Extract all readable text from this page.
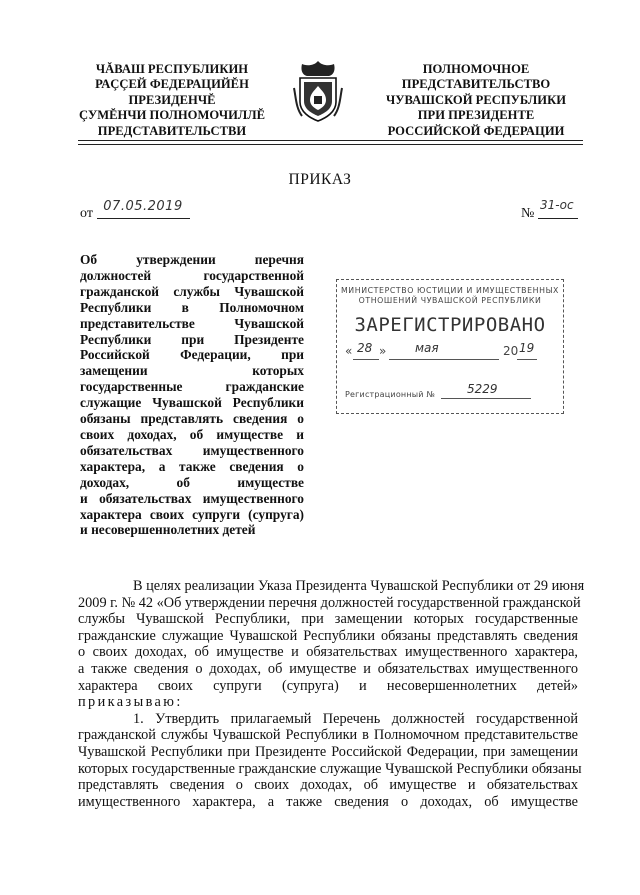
ЧĂВАШ РЕСПУБЛИКИН
РАÇÇЕЙ ФЕДЕРАЦИЙĔН
ПРЕЗИДЕНЧĔ
ÇУМĔНЧИ ПОЛНОМОЧИЛЛĔ
ПРЕДСТАВИТЕЛЬСТВИ
ПОЛНОМОЧНОЕ
ПРЕДСТАВИТЕЛЬСТВО
ЧУВАШСКОЙ РЕСПУБЛИКИ
ПРИ ПРЕЗИДЕНТЕ
РОССИЙСКОЙ ФЕДЕРАЦИИ
ПРИКАЗ
от 07.05.2019	№
31-ос
Об утверждении перечня
должностей государственной
гражданской службы Чувашской
Республики в Полномочном
представительстве Чувашской
Республики при Президенте
Российской Федерации, при
замещении которых
государственные гражданские
служащие Чувашской Республики
обязаны представлять сведения о
своих доходах, об имуществе и
обязательствах имущественного
характера, а также сведения о
доходах, об имуществе
и обязательствах имущественного
характера своих супруги (супруга)
и несовершеннолетних детей
МИНИСТЕРСТВО ЮСТИЦИИ И ИМУЩЕСТВЕННЫХ
ОТНОШЕНИЙ ЧУВАШСКОЙ РЕСПУБЛИКИ
ЗАРЕГИСТРИРОВАНО
« 28 » мая	20 19
Регистрационный №	5229
В целях реализации Указа Президента Чувашской Республики от 29 июня
2009 г. № 42 «Об утверждении перечня должностей государственной гражданской
службы Чувашской Республики, при замещении которых государственные
гражданские служащие Чувашской Республики обязаны представлять сведения
о своих доходах, об имуществе и обязательствах имущественного характера,
а также сведения о доходах, об имуществе и обязательствах имущественного
характера своих супруги (супруга) и несовершеннолетних детей»
приказываю:
1. Утвердить прилагаемый Перечень должностей государственной
гражданской службы Чувашской Республики в Полномочном представительстве
Чувашской Республики при Президенте Российской Федерации, при замещении
которых государственные гражданские служащие Чувашской Республики обязаны
представлять сведения о своих доходах, об имуществе и обязательствах
имущественного характера, а также сведения о доходах, об имуществе
